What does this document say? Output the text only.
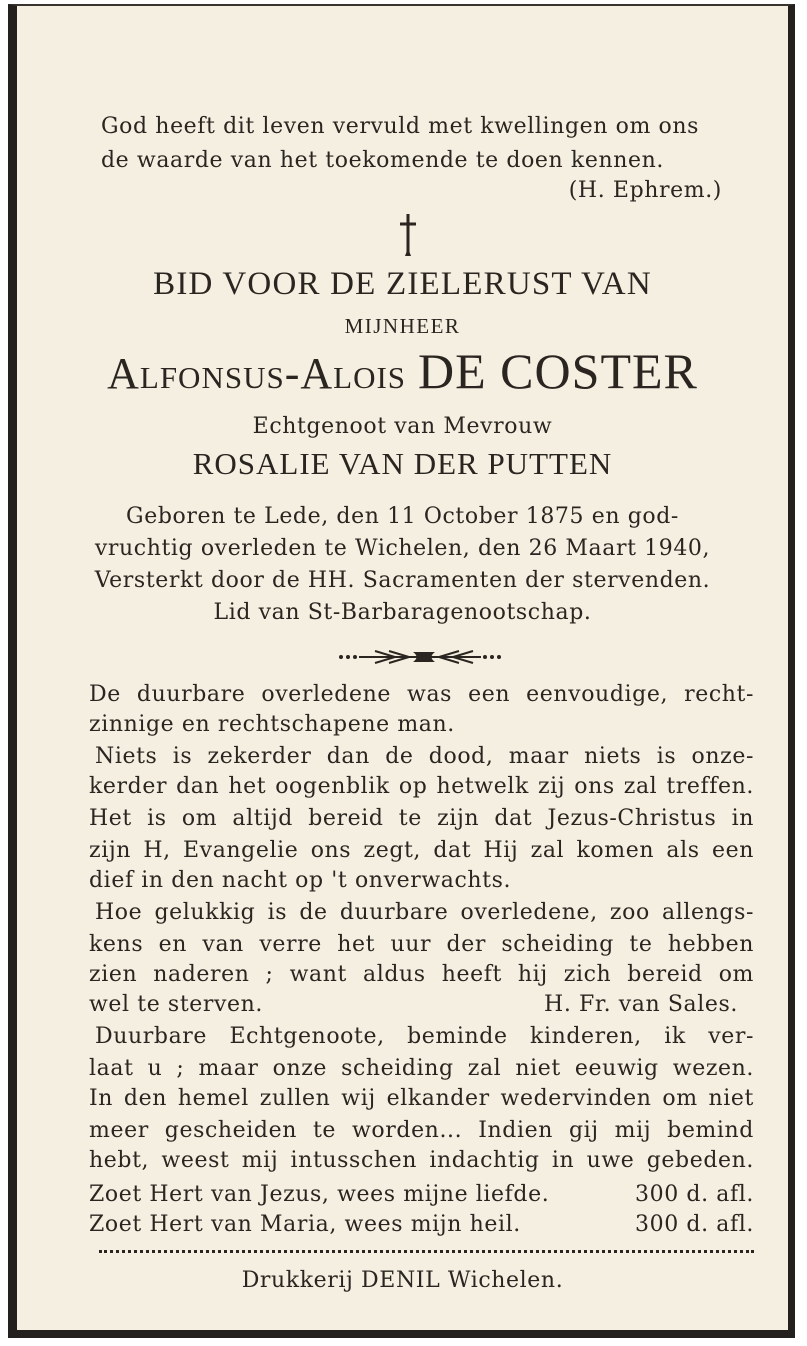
God heeft dit leven vervuld met kwellingen om ons
de waarde van het toekomende te doen kennen.
(H. Ephrem.)
BID VOOR DE ZIELERUST VAN
MIJNHEER
Alfonsus-Alois DE COSTER
Echtgenoot van Mevrouw
ROSALIE VAN DER PUTTEN
Geboren te Lede, den 11 October 1875 en god-
vruchtig overleden te Wichelen, den 26 Maart 1940,
Versterkt door de HH. Sacramenten der stervenden.
Lid van St-Barbaragenootschap.
De duurbare overledene was een eenvoudige, recht-
zinnige en rechtschapene man.
Niets is zekerder dan de dood, maar niets is onze-
kerder dan het oogenblik op hetwelk zij ons zal treffen.
Het is om altijd bereid te zijn dat Jezus-Christus in
zijn H, Evangelie ons zegt, dat Hij zal komen als een
dief in den nacht op 't onverwachts.
Hoe gelukkig is de duurbare overledene, zoo allengs-
kens en van verre het uur der scheiding te hebben
zien naderen ; want aldus heeft hij zich bereid om
wel te sterven.	H. Fr. van Sales.
Duurbare Echtgenoote, beminde kinderen, ik ver-
laat u ; maar onze scheiding zal niet eeuwig wezen.
In den hemel zullen wij elkander wedervinden om niet
meer gescheiden te worden... Indien gij mij bemind
hebt, weest mij intusschen indachtig in uwe gebeden.
Zoet Hert van Jezus, wees mijne liefde.	300 d. afl.
Zoet Hert van Maria, wees mijn heil.	300 d. afl.
Drukkerij DENIL Wichelen.
